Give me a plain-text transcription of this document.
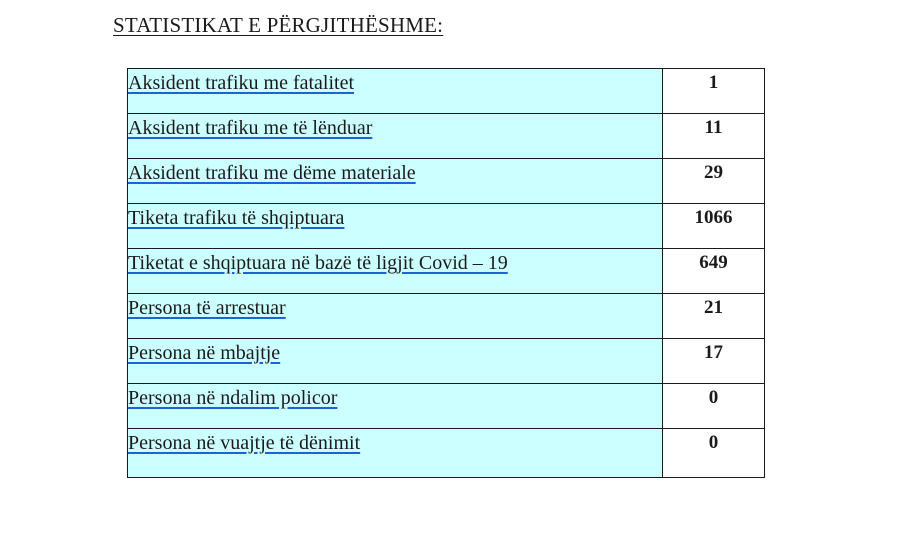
STATISTIKAT E PËRGJITHËSHME:
Aksident trafiku me fatalitet	1
Aksident trafiku me të lënduar	11
Aksident trafiku me dëme materiale	29
Tiketa trafiku të shqiptuara	1066
Tiketat e shqiptuara në bazë të ligjit Covid – 19	649
Persona të arrestuar	21
Persona në mbajtje	17
Persona në ndalim policor	0
Persona në vuajtje të dënimit	0
